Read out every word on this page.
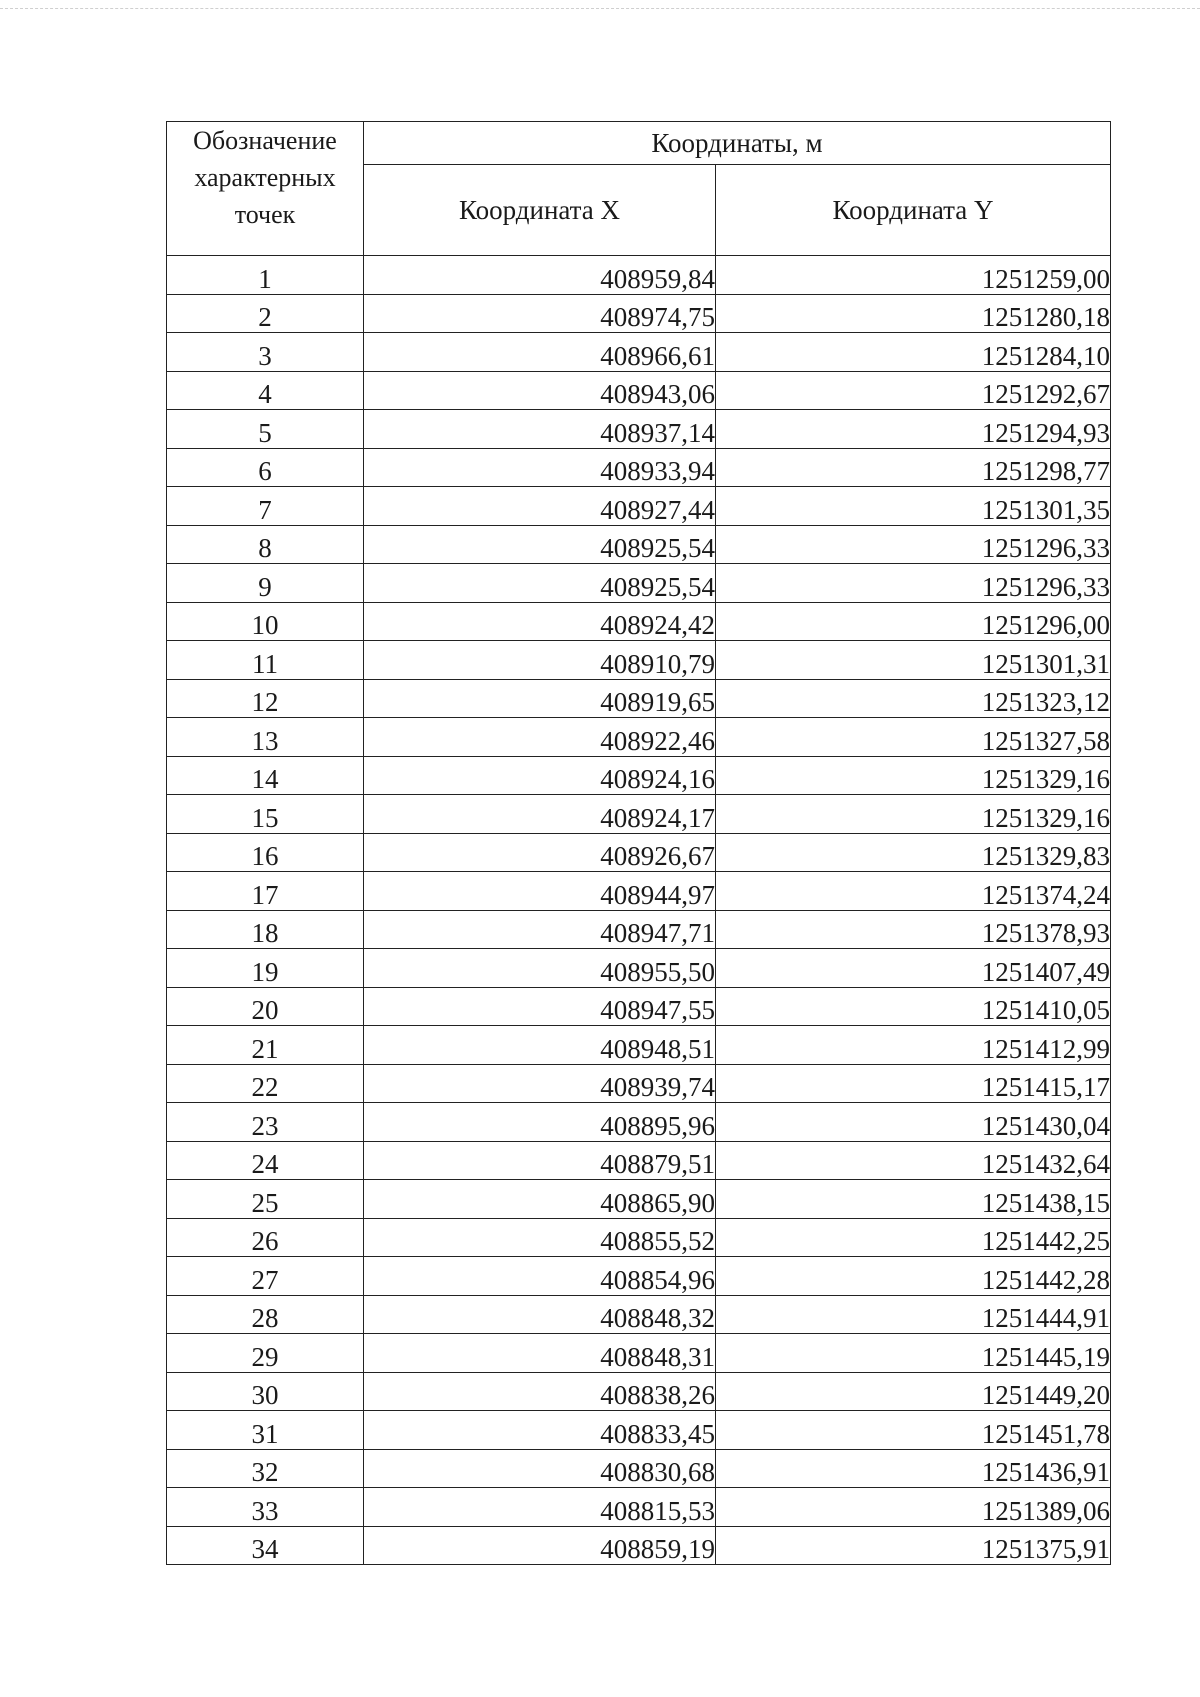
Обозначение характерных точек	Координаты, м	
	Координата X	Координата Y
1	408959,84	1251259,00
2	408974,75	1251280,18
3	408966,61	1251284,10
4	408943,06	1251292,67
5	408937,14	1251294,93
6	408933,94	1251298,77
7	408927,44	1251301,35
8	408925,54	1251296,33
9	408925,54	1251296,33
10	408924,42	1251296,00
11	408910,79	1251301,31
12	408919,65	1251323,12
13	408922,46	1251327,58
14	408924,16	1251329,16
15	408924,17	1251329,16
16	408926,67	1251329,83
17	408944,97	1251374,24
18	408947,71	1251378,93
19	408955,50	1251407,49
20	408947,55	1251410,05
21	408948,51	1251412,99
22	408939,74	1251415,17
23	408895,96	1251430,04
24	408879,51	1251432,64
25	408865,90	1251438,15
26	408855,52	1251442,25
27	408854,96	1251442,28
28	408848,32	1251444,91
29	408848,31	1251445,19
30	408838,26	1251449,20
31	408833,45	1251451,78
32	408830,68	1251436,91
33	408815,53	1251389,06
34	408859,19	1251375,91
